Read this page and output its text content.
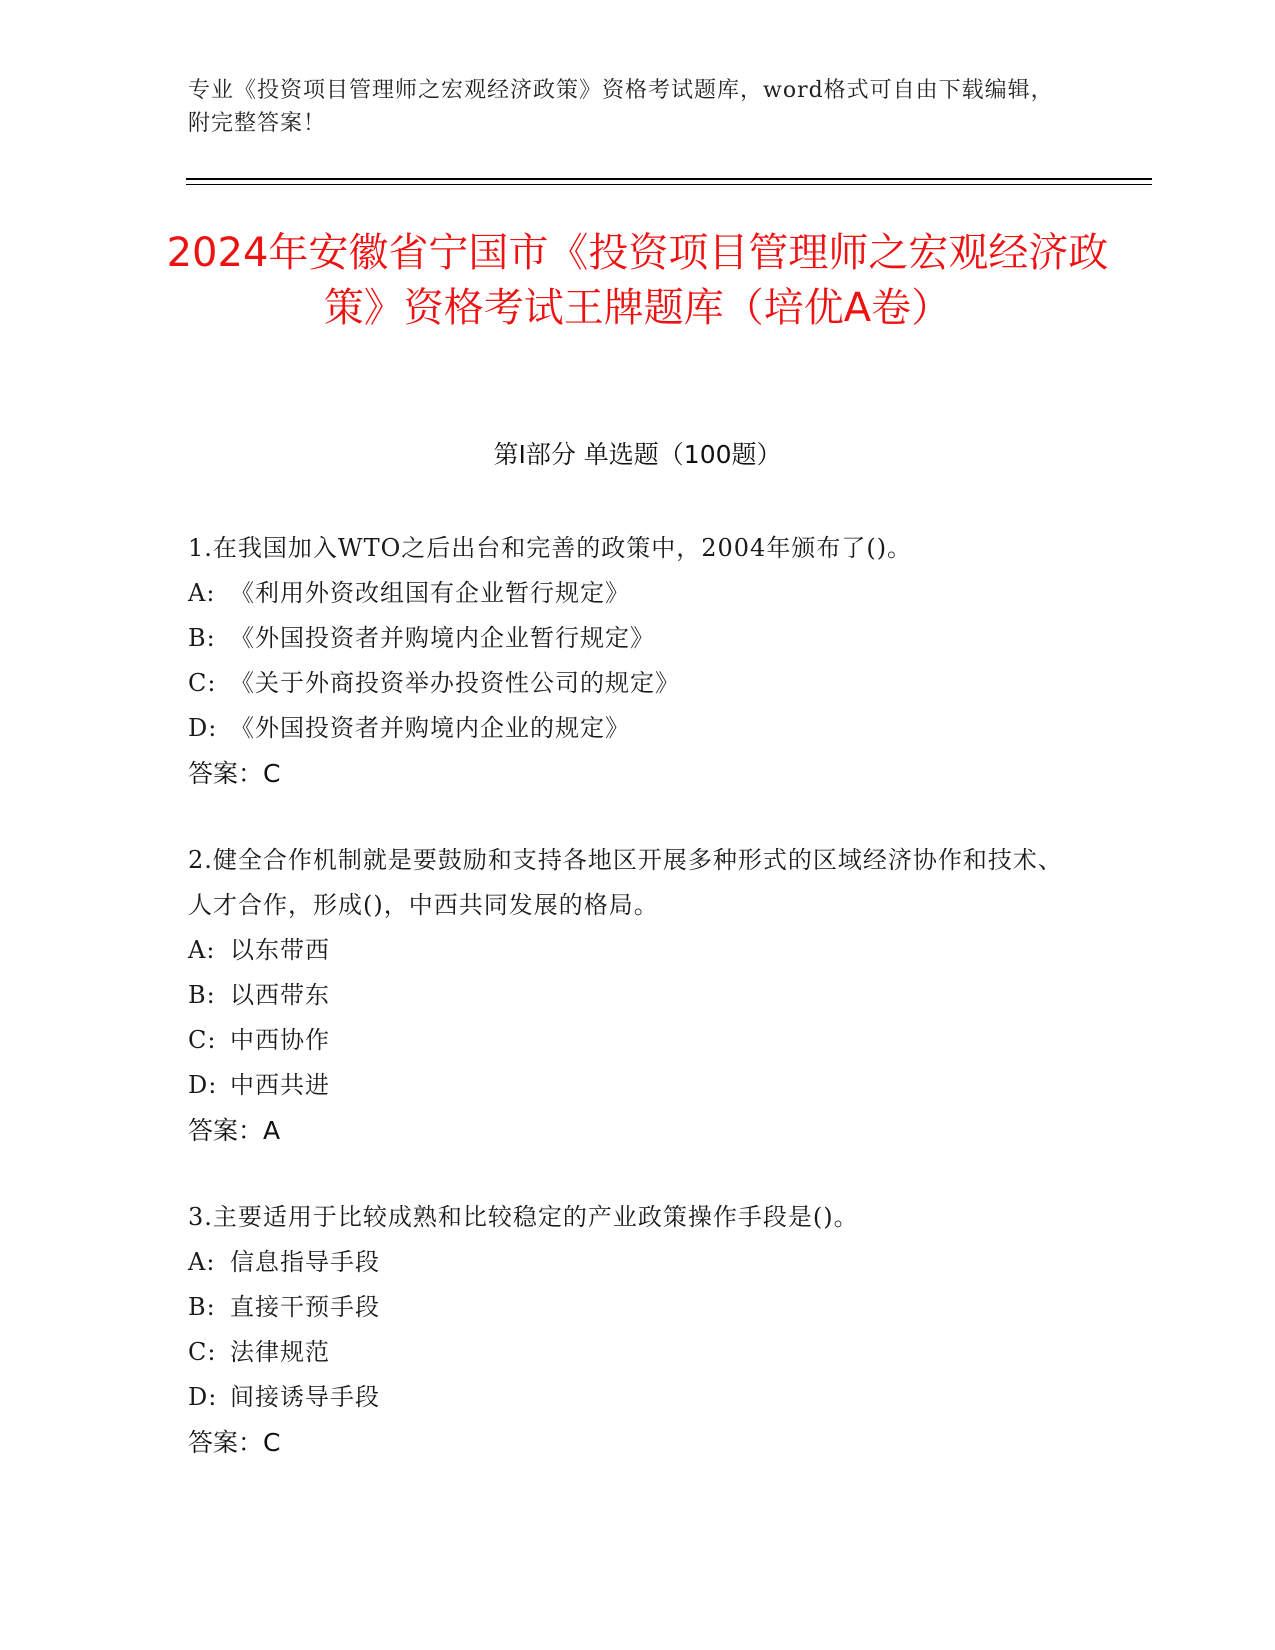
专业《投资项目管理师之宏观经济政策》资格考试题库，word格式可自由下载编辑，附完整答案！
2024年安徽省宁国市《投资项目管理师之宏观经济政策》资格考试王牌题库（培优A卷）
第I部分 单选题（100题）
1.在我国加入WTO之后出台和完善的政策中，2004年颁布了()。
A: 《利用外资改组国有企业暂行规定》
B: 《外国投资者并购境内企业暂行规定》
C: 《关于外商投资举办投资性公司的规定》
D: 《外国投资者并购境内企业的规定》
答案：C
2.健全合作机制就是要鼓励和支持各地区开展多种形式的区域经济协作和技术、人才合作，形成()，中西共同发展的格局。
A: 以东带西
B: 以西带东
C: 中西协作
D: 中西共进
答案：A
3.主要适用于比较成熟和比较稳定的产业政策操作手段是()。
A: 信息指导手段
B: 直接干预手段
C: 法律规范
D: 间接诱导手段
答案：C
